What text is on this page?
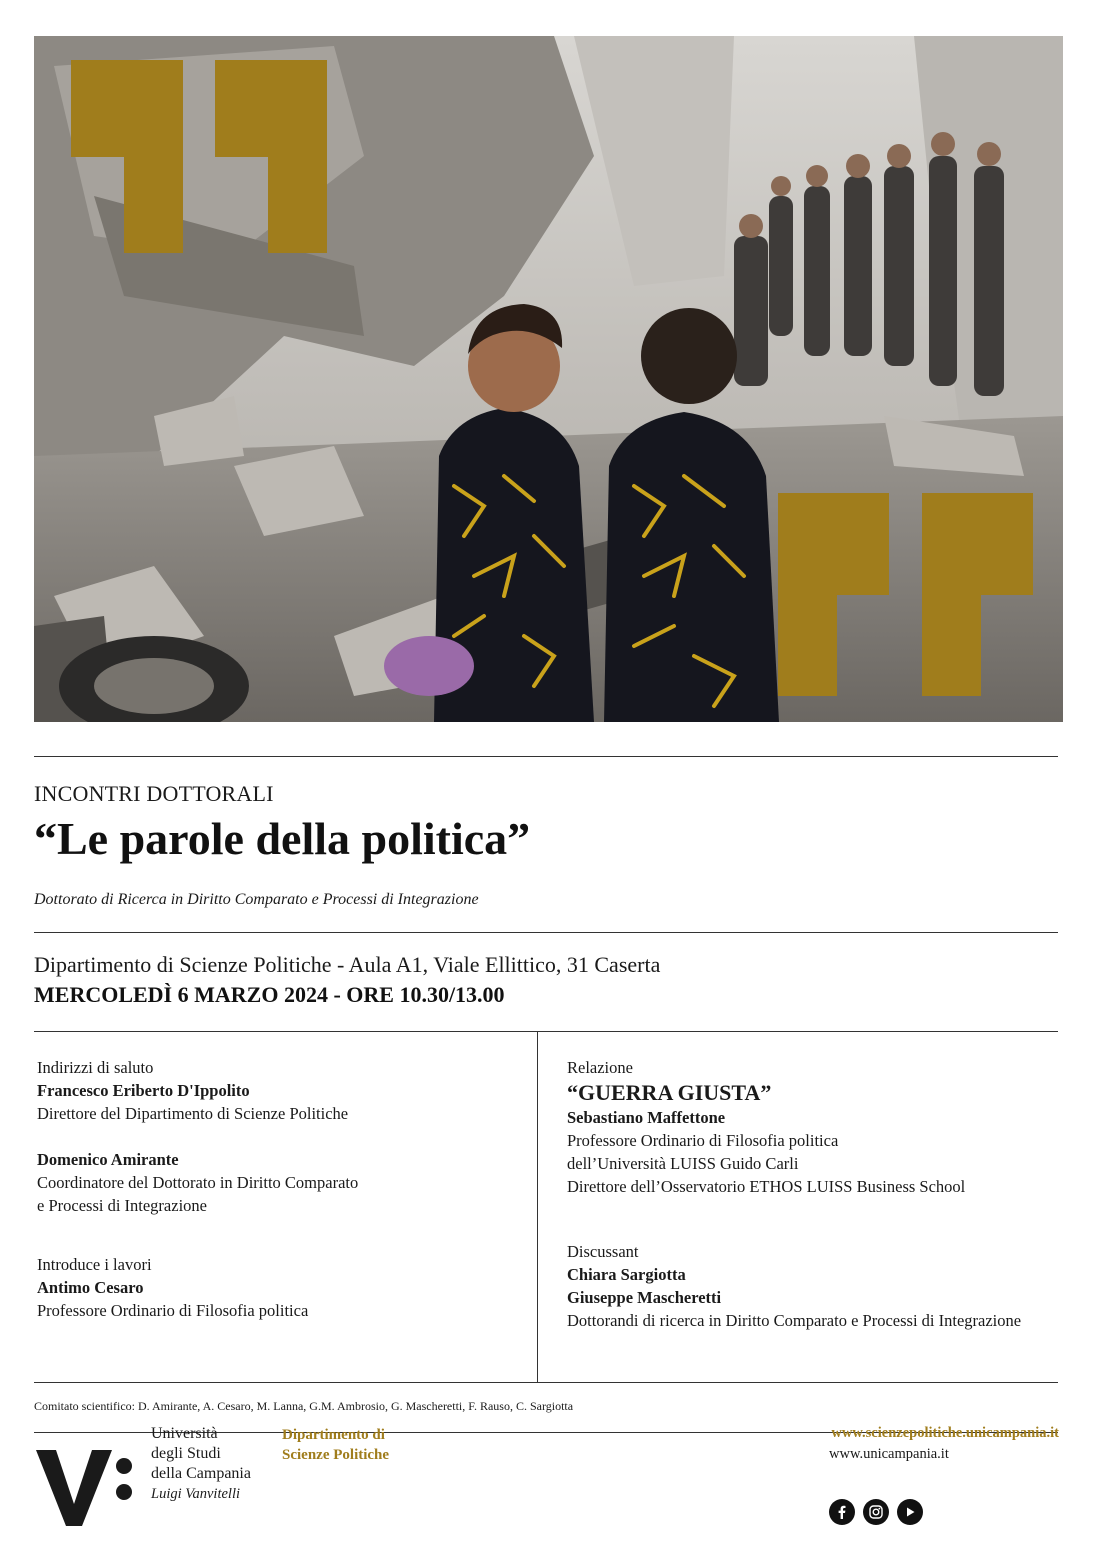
INCONTRI DOTTORALI
“Le parole della politica”
Dottorato di Ricerca in Diritto Comparato e Processi di Integrazione
Dipartimento di Scienze Politiche - Aula A1, Viale Ellittico, 31 Caserta
MERCOLEDÌ 6 MARZO 2024 - ORE 10.30/13.00
Indirizzi di saluto
Francesco Eriberto D'Ippolito
Direttore del Dipartimento di Scienze Politiche
Domenico Amirante
Coordinatore del Dottorato in Diritto Comparato
e Processi di Integrazione
Introduce i lavori
Antimo Cesaro
Professore Ordinario di Filosofia politica
Relazione
“GUERRA GIUSTA”
Sebastiano Maffettone
Professore Ordinario di Filosofia politica
dell’Università LUISS Guido Carli
Direttore dell’Osservatorio ETHOS LUISS Business School
Discussant
Chiara Sargiotta
Giuseppe Mascheretti
Dottorandi di ricerca in Diritto Comparato e Processi di Integrazione
Comitato scientifico: D. Amirante, A. Cesaro, M. Lanna, G.M. Ambrosio, G. Mascheretti, F. Rauso, C. Sargiotta
Università
degli Studi
della Campania
Luigi Vanvitelli
Dipartimento di
Scienze Politiche
www.scienzepolitiche.unicampania.it
www.unicampania.it
